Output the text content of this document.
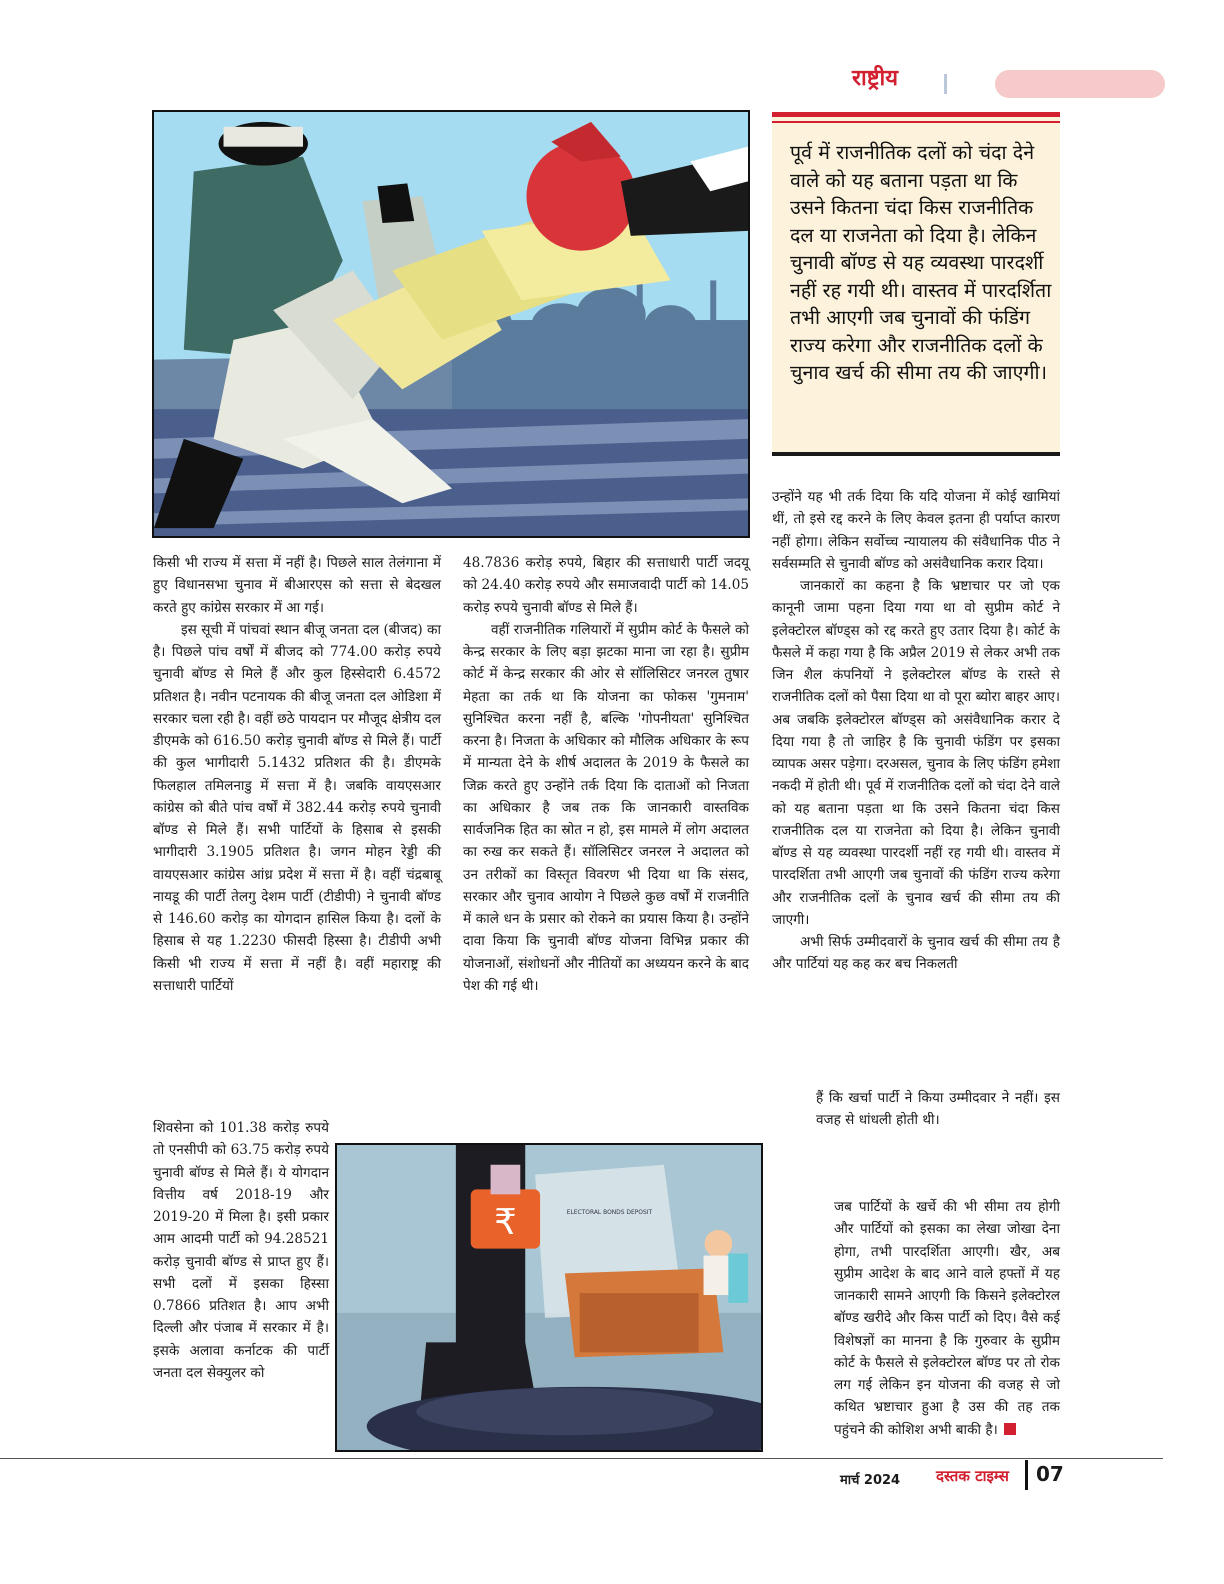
राष्ट्रीय
पूर्व में राजनीतिक दलों को चंदा देने वाले को यह बताना पड़ता था कि उसने कितना चंदा किस राजनीतिक दल या राजनेता को दिया है। लेकिन चुनावी बॉण्ड से यह व्यवस्था पारदर्शी नहीं रह गयी थी। वास्तव में पारदर्शिता तभी आएगी जब चुनावों की फंडिंग राज्य करेगा और राजनीतिक दलों के चुनाव खर्च की सीमा तय की जाएगी।

किसी भी राज्य में सत्ता में नहीं है। पिछले साल तेलंगाना में हुए विधानसभा चुनाव में बीआरएस को सत्ता से बेदखल करते हुए कांग्रेस सरकार में आ गई।

इस सूची में पांचवां स्थान बीजू जनता दल (बीजद) का है। पिछले पांच वर्षों में बीजद को 774.00 करोड़ रुपये चुनावी बॉण्ड से मिले हैं और कुल हिस्सेदारी 6.4572 प्रतिशत है। नवीन पटनायक की बीजू जनता दल ओडिशा में सरकार चला रही है। वहीं छठे पायदान पर मौजूद क्षेत्रीय दल डीएमके को 616.50 करोड़ चुनावी बॉण्ड से मिले हैं। पार्टी की कुल भागीदारी 5.1432 प्रतिशत की है। डीएमके फिलहाल तमिलनाडु में सत्ता में है। जबकि वायएसआर कांग्रेस को बीते पांच वर्षों में 382.44 करोड़ रुपये चुनावी बॉण्ड से मिले हैं। सभी पार्टियों के हिसाब से इसकी भागीदारी 3.1905 प्रतिशत है। जगन मोहन रेड्डी की वायएसआर कांग्रेस आंध्र प्रदेश में सत्ता में है। वहीं चंद्रबाबू नायडू की पार्टी तेलगु देशम पार्टी (टीडीपी) ने चुनावी बॉण्ड से 146.60 करोड़ का योगदान हासिल किया है। दलों के हिसाब से यह 1.2230 फीसदी हिस्सा है। टीडीपी अभी किसी भी राज्य में सत्ता में नहीं है। वहीं महाराष्ट्र की सत्ताधारी पार्टियों

शिवसेना को 101.38 करोड़ रुपये तो एनसीपी को 63.75 करोड़ रुपये चुनावी बॉण्ड से मिले हैं। ये योगदान वित्तीय वर्ष 2018-19 और 2019-20 में मिला है। इसी प्रकार आम आदमी पार्टी को 94.28521 करोड़ चुनावी बॉण्ड से प्राप्त हुए हैं। सभी दलों में इसका हिस्सा 0.7866 प्रतिशत है। आप अभी दिल्ली और पंजाब में सरकार में है। इसके अलावा कर्नाटक की पार्टी जनता दल सेक्युलर को

48.7836 करोड़ रुपये, बिहार की सत्ताधारी पार्टी जदयू को 24.40 करोड़ रुपये और समाजवादी पार्टी को 14.05 करोड़ रुपये चुनावी बॉण्ड से मिले हैं।

वहीं राजनीतिक गलियारों में सुप्रीम कोर्ट के फैसले को केन्द्र सरकार के लिए बड़ा झटका माना जा रहा है। सुप्रीम कोर्ट में केन्द्र सरकार की ओर से सॉलिसिटर जनरल तुषार मेहता का तर्क था कि योजना का फोकस 'गुमनाम' सुनिश्चित करना नहीं है, बल्कि 'गोपनीयता' सुनिश्चित करना है। निजता के अधिकार को मौलिक अधिकार के रूप में मान्यता देने के शीर्ष अदालत के 2019 के फैसले का जिक्र करते हुए उन्होंने तर्क दिया कि दाताओं को निजता का अधिकार है जब तक कि जानकारी वास्तविक सार्वजनिक हित का स्रोत न हो, इस मामले में लोग अदालत का रुख कर सकते हैं। सॉलिसिटर जनरल ने अदालत को उन तरीकों का विस्तृत विवरण भी दिया था कि संसद, सरकार और चुनाव आयोग ने पिछले कुछ वर्षों में राजनीति में काले धन के प्रसार को रोकने का प्रयास किया है। उन्होंने दावा किया कि चुनावी बॉण्ड योजना विभिन्न प्रकार की योजनाओं, संशोधनों और नीतियों का अध्ययन करने के बाद पेश की गई थी।

उन्होंने यह भी तर्क दिया कि यदि योजना में कोई खामियां थीं, तो इसे रद्द करने के लिए केवल इतना ही पर्याप्त कारण नहीं होगा। लेकिन सर्वोच्च न्यायालय की संवैधानिक पीठ ने सर्वसम्मति से चुनावी बॉण्ड को असंवैधानिक करार दिया।

जानकारों का कहना है कि भ्रष्टाचार पर जो एक कानूनी जामा पहना दिया गया था वो सुप्रीम कोर्ट ने इलेक्टोरल बॉण्ड्स को रद्द करते हुए उतार दिया है। कोर्ट के फैसले में कहा गया है कि अप्रैल 2019 से लेकर अभी तक जिन शैल कंपनियों ने इलेक्टोरल बॉण्ड के रास्ते से राजनीतिक दलों को पैसा दिया था वो पूरा ब्योरा बाहर आए। अब जबकि इलेक्टोरल बॉण्ड्स को असंवैधानिक करार दे दिया गया है तो जाहिर है कि चुनावी फंडिंग पर इसका व्यापक असर पड़ेगा। दरअसल, चुनाव के लिए फंडिंग हमेशा नकदी में होती थी। पूर्व में राजनीतिक दलों को चंदा देने वाले को यह बताना पड़ता था कि उसने कितना चंदा किस राजनीतिक दल या राजनेता को दिया है। लेकिन चुनावी बॉण्ड से यह व्यवस्था पारदर्शी नहीं रह गयी थी। वास्तव में पारदर्शिता तभी आएगी जब चुनावों की फंडिंग राज्य करेगा और राजनीतिक दलों के चुनाव खर्च की सीमा तय की जाएगी।

अभी सिर्फ उम्मीदवारों के चुनाव खर्च की सीमा तय है और पार्टियां यह कह कर बच निकलती

हैं कि खर्चा पार्टी ने किया उम्मीदवार ने नहीं। इस वजह से धांधली होती थी।

जब पार्टियों के खर्चे की भी सीमा तय होगी और पार्टियों को इसका का लेखा जोखा देना होगा, तभी पारदर्शिता आएगी। खैर, अब सुप्रीम आदेश के बाद आने वाले हफ्तों में यह जानकारी सामने आएगी कि किसने इलेक्टोरल बॉण्ड खरीदे और किस पार्टी को दिए। वैसे कई विशेषज्ञों का मानना है कि गुरुवार के सुप्रीम कोर्ट के फैसले से इलेक्टोरल बॉण्ड पर तो रोक लग गई लेकिन इन योजना की वजह से जो कथित भ्रष्टाचार हुआ है उस की तह तक पहुंचने की कोशिश अभी बाकी है।

ELECTORAL BONDS DEPOSIT
₹
मार्च 2024 दस्तक टाइम्स 07
